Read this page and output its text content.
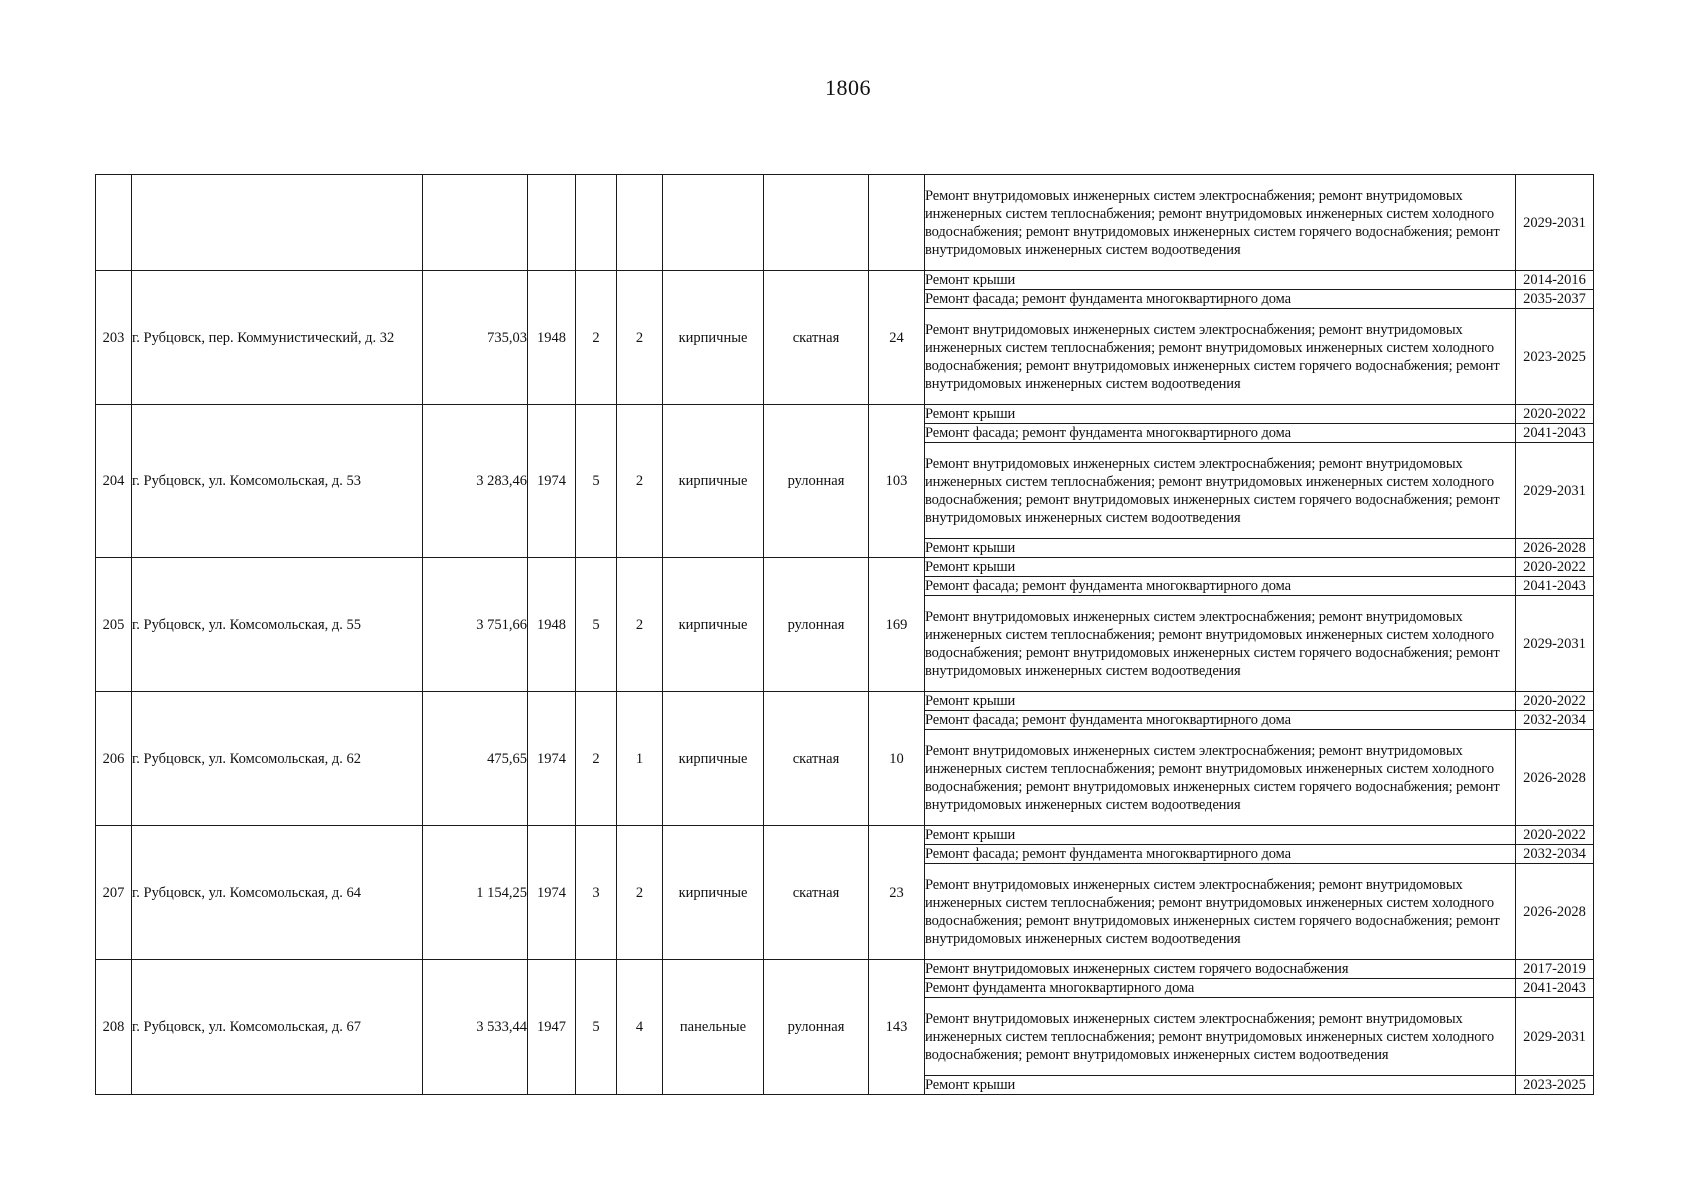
1806
									Ремонт внутридомовых инженерных систем электроснабжения; ремонт внутридомовых инженерных систем теплоснабжения; ремонт внутридомовых инженерных систем холодного водоснабжения; ремонт внутридомовых инженерных систем горячего водоснабжения; ремонт внутридомовых инженерных систем водоотведения	2029-2031
203	г. Рубцовск, пер. Коммунистический, д. 32	735,03	1948	2	2	кирпичные	скатная	24	Ремонт крыши	2014-2016
									Ремонт фасада; ремонт фундамента многоквартирного дома	2035-2037
									Ремонт внутридомовых инженерных систем электроснабжения; ремонт внутридомовых инженерных систем теплоснабжения; ремонт внутридомовых инженерных систем холодного водоснабжения; ремонт внутридомовых инженерных систем горячего водоснабжения; ремонт внутридомовых инженерных систем водоотведения	2023-2025
204	г. Рубцовск, ул. Комсомольская, д. 53	3 283,46	1974	5	2	кирпичные	рулонная	103	Ремонт крыши	2020-2022
									Ремонт фасада; ремонт фундамента многоквартирного дома	2041-2043
									Ремонт внутридомовых инженерных систем электроснабжения; ремонт внутридомовых инженерных систем теплоснабжения; ремонт внутридомовых инженерных систем холодного водоснабжения; ремонт внутридомовых инженерных систем горячего водоснабжения; ремонт внутридомовых инженерных систем водоотведения	2029-2031
									Ремонт крыши	2026-2028
205	г. Рубцовск, ул. Комсомольская, д. 55	3 751,66	1948	5	2	кирпичные	рулонная	169	Ремонт крыши	2020-2022
									Ремонт фасада; ремонт фундамента многоквартирного дома	2041-2043
									Ремонт внутридомовых инженерных систем электроснабжения; ремонт внутридомовых инженерных систем теплоснабжения; ремонт внутридомовых инженерных систем холодного водоснабжения; ремонт внутридомовых инженерных систем горячего водоснабжения; ремонт внутридомовых инженерных систем водоотведения	2029-2031
206	г. Рубцовск, ул. Комсомольская, д. 62	475,65	1974	2	1	кирпичные	скатная	10	Ремонт крыши	2020-2022
									Ремонт фасада; ремонт фундамента многоквартирного дома	2032-2034
									Ремонт внутридомовых инженерных систем электроснабжения; ремонт внутридомовых инженерных систем теплоснабжения; ремонт внутридомовых инженерных систем холодного водоснабжения; ремонт внутридомовых инженерных систем горячего водоснабжения; ремонт внутридомовых инженерных систем водоотведения	2026-2028
207	г. Рубцовск, ул. Комсомольская, д. 64	1 154,25	1974	3	2	кирпичные	скатная	23	Ремонт крыши	2020-2022
									Ремонт фасада; ремонт фундамента многоквартирного дома	2032-2034
									Ремонт внутридомовых инженерных систем электроснабжения; ремонт внутридомовых инженерных систем теплоснабжения; ремонт внутридомовых инженерных систем холодного водоснабжения; ремонт внутридомовых инженерных систем горячего водоснабжения; ремонт внутридомовых инженерных систем водоотведения	2026-2028
208	г. Рубцовск, ул. Комсомольская, д. 67	3 533,44	1947	5	4	панельные	рулонная	143	Ремонт внутридомовых инженерных систем горячего водоснабжения	2017-2019
									Ремонт фундамента многоквартирного дома	2041-2043
									Ремонт внутридомовых инженерных систем электроснабжения; ремонт внутридомовых инженерных систем теплоснабжения; ремонт внутридомовых инженерных систем холодного водоснабжения; ремонт внутридомовых инженерных систем водоотведения	2029-2031
									Ремонт крыши	2023-2025
